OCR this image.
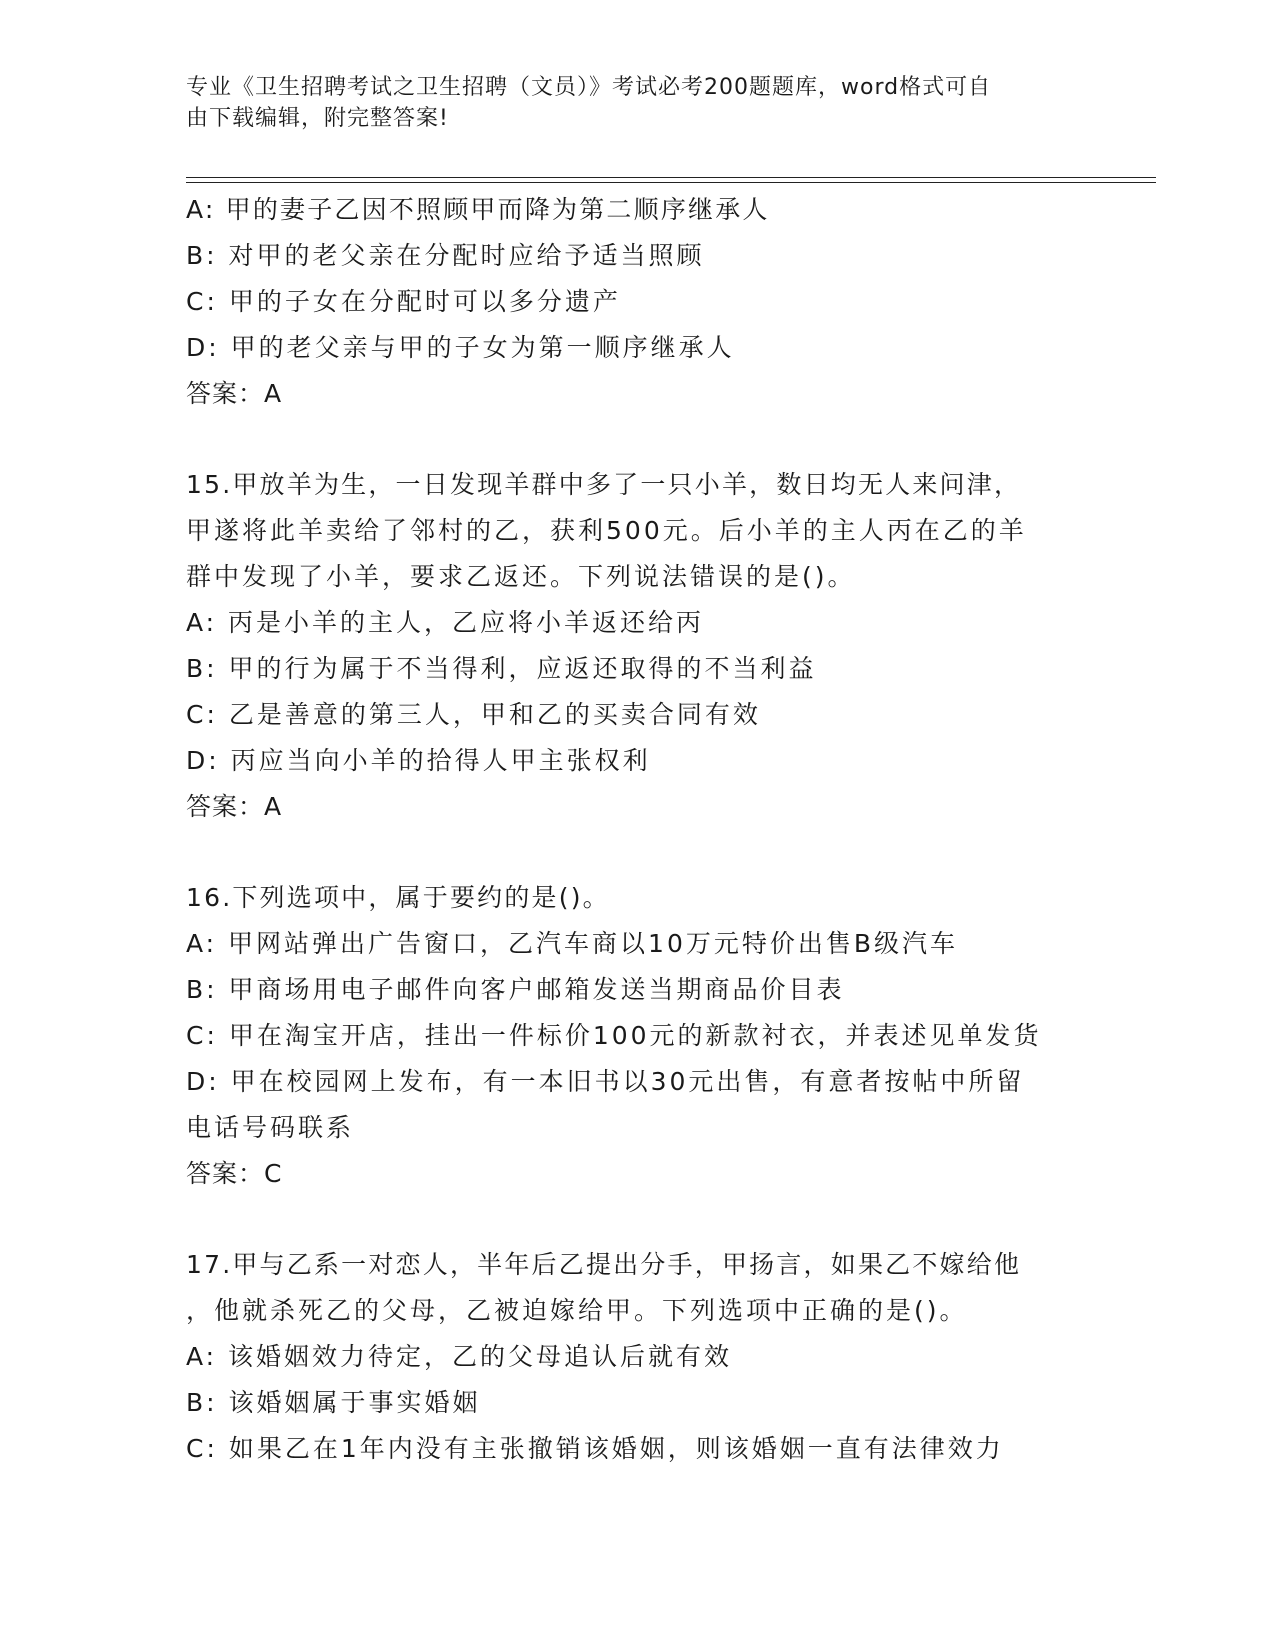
专业《卫生招聘考试之卫生招聘（文员）》考试必考200题题库，word格式可自
由下载编辑，附完整答案!
A: 甲的妻子乙因不照顾甲而降为第二顺序继承人
B: 对甲的老父亲在分配时应给予适当照顾
C: 甲的子女在分配时可以多分遗产
D: 甲的老父亲与甲的子女为第一顺序继承人
答案：A
15.甲放羊为生，一日发现羊群中多了一只小羊，数日均无人来问津，
甲遂将此羊卖给了邻村的乙，获利500元。后小羊的主人丙在乙的羊
群中发现了小羊，要求乙返还。下列说法错误的是()。
A: 丙是小羊的主人，乙应将小羊返还给丙
B: 甲的行为属于不当得利，应返还取得的不当利益
C: 乙是善意的第三人，甲和乙的买卖合同有效
D: 丙应当向小羊的拾得人甲主张权利
答案：A
16.下列选项中，属于要约的是()。
A: 甲网站弹出广告窗口，乙汽车商以10万元特价出售B级汽车
B: 甲商场用电子邮件向客户邮箱发送当期商品价目表
C: 甲在淘宝开店，挂出一件标价100元的新款衬衣，并表述见单发货
D: 甲在校园网上发布，有一本旧书以30元出售，有意者按帖中所留
电话号码联系
答案：C
17.甲与乙系一对恋人，半年后乙提出分手，甲扬言，如果乙不嫁给他
，他就杀死乙的父母，乙被迫嫁给甲。下列选项中正确的是()。
A: 该婚姻效力待定，乙的父母追认后就有效
B: 该婚姻属于事实婚姻
C: 如果乙在1年内没有主张撤销该婚姻，则该婚姻一直有法律效力
